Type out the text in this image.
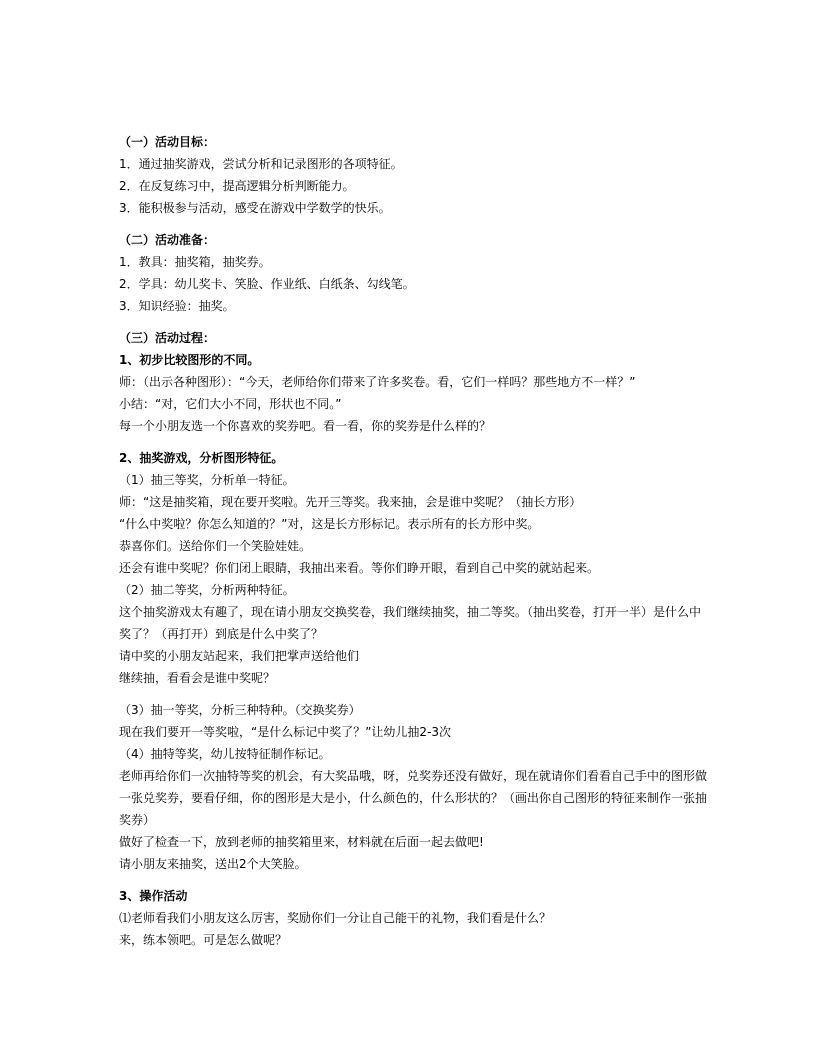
（一）活动目标：
1．通过抽奖游戏，尝试分析和记录图形的各项特征。
2．在反复练习中，提高逻辑分析判断能力。
3．能积极参与活动，感受在游戏中学数学的快乐。
（二）活动准备：
1．教具：抽奖箱，抽奖券。
2．学具：幼儿奖卡、笑脸、作业纸、白纸条、勾线笔。
3．知识经验：抽奖。
（三）活动过程：
1、初步比较图形的不同。
师：（出示各种图形）：“今天，老师给你们带来了许多奖卷。看，它们一样吗？那些地方不一样？”
小结：“对，它们大小不同，形状也不同。”
每一个小朋友选一个你喜欢的奖券吧。看一看，你的奖券是什么样的？
2、抽奖游戏，分析图形特征。
（1）抽三等奖，分析单一特征。
师：“这是抽奖箱，现在要开奖啦。先开三等奖。我来抽，会是谁中奖呢？（抽长方形）
“什么中奖啦？你怎么知道的？”对，这是长方形标记。表示所有的长方形中奖。
恭喜你们。送给你们一个笑脸娃娃。
还会有谁中奖呢？你们闭上眼睛，我抽出来看。等你们睁开眼，看到自己中奖的就站起来。
（2）抽二等奖，分析两种特征。
这个抽奖游戏太有趣了，现在请小朋友交换奖卷，我们继续抽奖，抽二等奖。（抽出奖卷，打开一半）是什么中奖了？（再打开）到底是什么中奖了？
请中奖的小朋友站起来，我们把掌声送给他们
继续抽，看看会是谁中奖呢？
（3）抽一等奖，分析三种特种。（交换奖券）
现在我们要开一等奖啦，“是什么标记中奖了？”让幼儿抽2-3次
（4）抽特等奖，幼儿按特征制作标记。
老师再给你们一次抽特等奖的机会，有大奖品哦，呀，兑奖券还没有做好，现在就请你们看看自己手中的图形做一张兑奖券，要看仔细，你的图形是大是小，什么颜色的，什么形状的？（画出你自己图形的特征来制作一张抽奖券）
做好了检查一下，放到老师的抽奖箱里来，材料就在后面一起去做吧!
请小朋友来抽奖，送出2个大笑脸。
3、操作活动
⑴老师看我们小朋友这么厉害，奖励你们一分让自己能干的礼物，我们看是什么？
来，练本领吧。可是怎么做呢？
